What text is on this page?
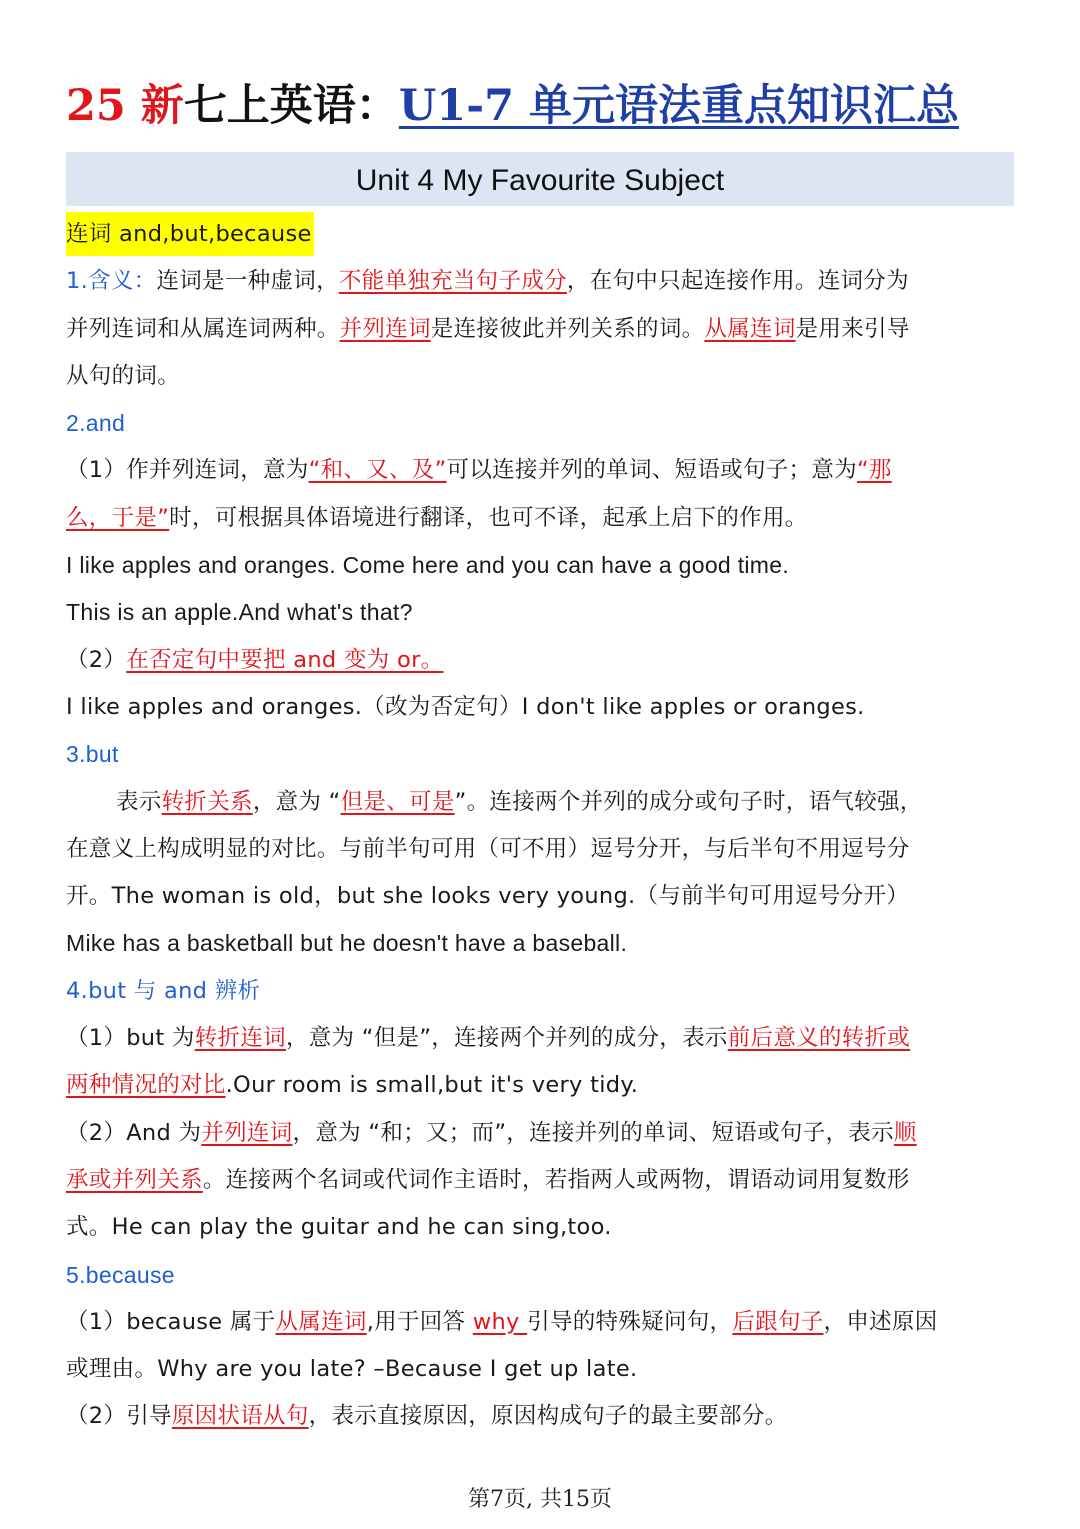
25 新七上英语：U1-7 单元语法重点知识汇总
Unit 4 My Favourite Subject
连词 and,but,because
1.含义：连词是一种虚词，不能单独充当句子成分，在句中只起连接作用。连词分为
并列连词和从属连词两种。并列连词是连接彼此并列关系的词。从属连词是用来引导
从句的词。
2.and
（1）作并列连词，意为“和、又、及”可以连接并列的单词、短语或句子；意为“那
么，于是”时，可根据具体语境进行翻译，也可不译，起承上启下的作用。
I like apples and oranges. Come here and you can have a good time.
This is an apple.And what's that?
（2）在否定句中要把 and 变为 or。
I like apples and oranges.（改为否定句）I don't like apples or oranges.
3.but
表示转折关系，意为 “但是、可是”。连接两个并列的成分或句子时，语气较强，
在意义上构成明显的对比。与前半句可用（可不用）逗号分开，与后半句不用逗号分
开。The woman is old，but she looks very young.（与前半句可用逗号分开）
Mike has a basketball but he doesn't have a baseball.
4.but 与 and 辨析
（1）but 为转折连词，意为 “但是”，连接两个并列的成分，表示前后意义的转折或
两种情况的对比.Our room is small,but it's very tidy.
（2）And 为并列连词，意为 “和；又；而”，连接并列的单词、短语或句子，表示顺
承或并列关系。连接两个名词或代词作主语时，若指两人或两物，谓语动词用复数形
式。He can play the guitar and he can sing,too.
5.because
（1）because 属于从属连词,用于回答 why 引导的特殊疑问句，后跟句子，申述原因
或理由。Why are you late? –Because I get up late.
（2）引导原因状语从句，表示直接原因，原因构成句子的最主要部分。
第7页, 共15页
